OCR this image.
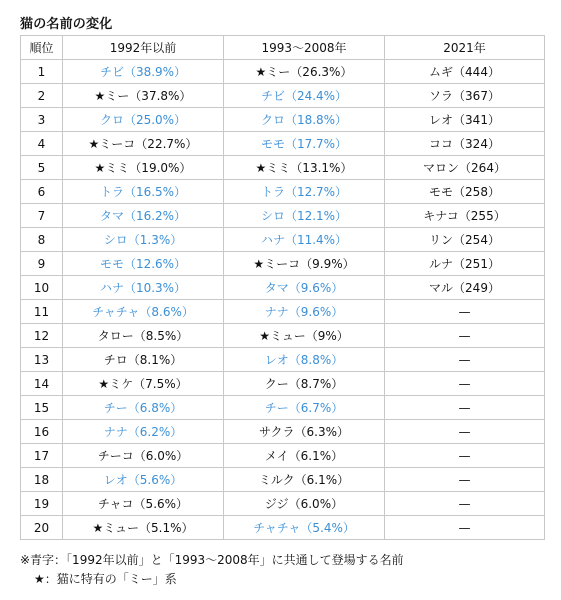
猫の名前の変化
順位	1992年以前	1993〜2008年	2021年
1	チビ（38.9%）	★ミー（26.3%）	ムギ（444）
2	★ミー（37.8%）	チビ（24.4%）	ソラ（367）
3	クロ（25.0%）	クロ（18.8%）	レオ（341）
4	★ミーコ（22.7%）	モモ（17.7%）	ココ（324）
5	★ミミ（19.0%）	★ミミ（13.1%）	マロン（264）
6	トラ（16.5%）	トラ（12.7%）	モモ（258）
7	タマ（16.2%）	シロ（12.1%）	キナコ（255）
8	シロ（1.3%）	ハナ（11.4%）	リン（254）
9	モモ（12.6%）	★ミーコ（9.9%）	ルナ（251）
10	ハナ（10.3%）	タマ（9.6%）	マル（249）
11	チャチャ（8.6%）	ナナ（9.6%）	—
12	タロー（8.5%）	★ミュー（9%）	—
13	チロ（8.1%）	レオ（8.8%）	—
14	★ミケ（7.5%）	クー（8.7%）	—
15	チー（6.8%）	チー（6.7%）	—
16	ナナ（6.2%）	サクラ（6.3%）	—
17	チーコ（6.0%）	メイ（6.1%）	—
18	レオ（5.6%）	ミルク（6.1%）	—
19	チャコ（5.6%）	ジジ（6.0%）	—
20	★ミュー（5.1%）	チャチャ（5.4%）	—
※青字：「1992年以前」と「1993〜2008年」に共通して登場する名前
★：猫に特有の「ミー」系
